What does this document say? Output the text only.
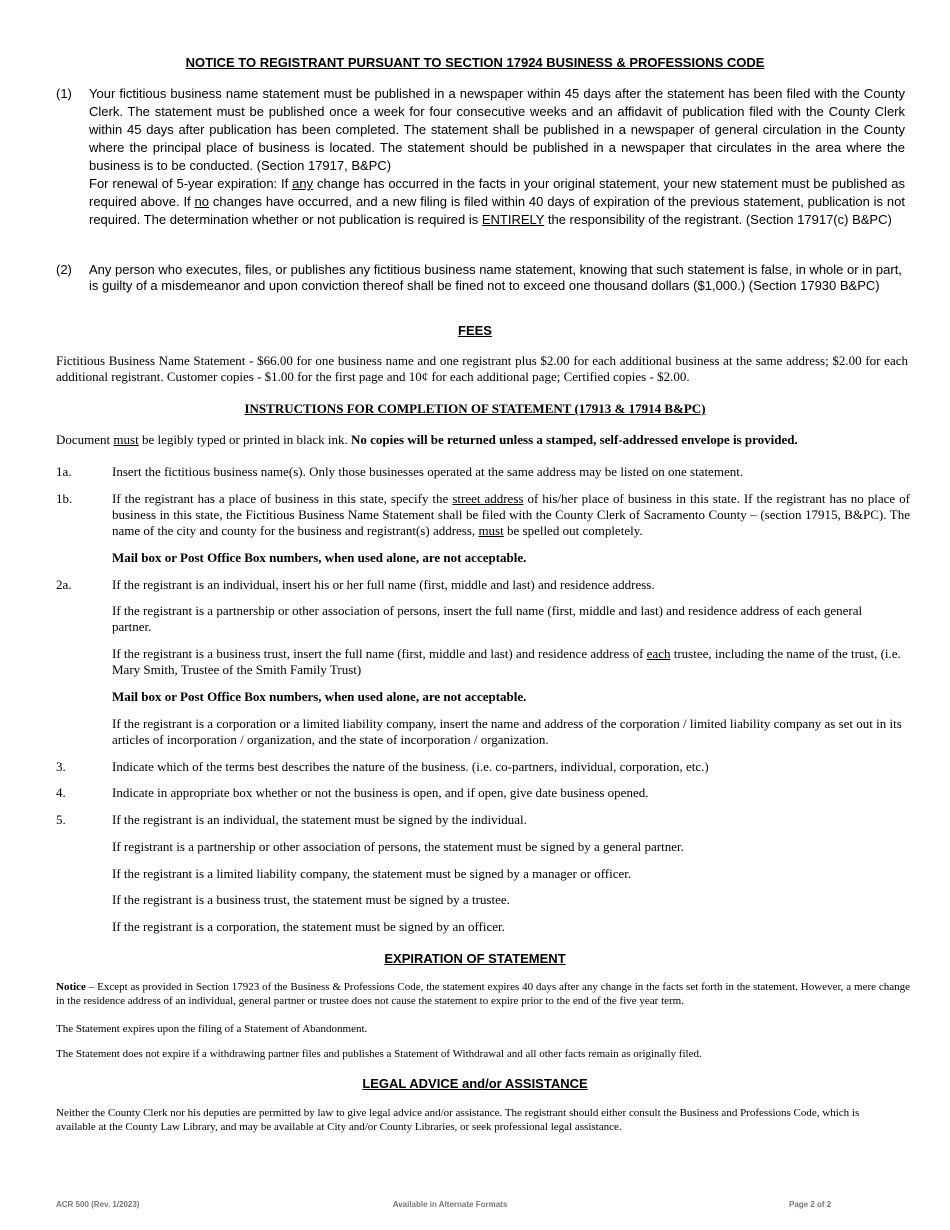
NOTICE TO REGISTRANT PURSUANT TO SECTION 17924 BUSINESS & PROFESSIONS CODE
(1) Your fictitious business name statement must be published in a newspaper within 45 days after the statement has been filed with the County Clerk. The statement must be published once a week for four consecutive weeks and an affidavit of publication filed with the County Clerk within 45 days after publication has been completed. The statement shall be published in a newspaper of general circulation in the County where the principal place of business is located. The statement should be published in a newspaper that circulates in the area where the business is to be conducted. (Section 17917, B&PC)

For renewal of 5-year expiration: If any change has occurred in the facts in your original statement, your new statement must be published as required above. If no changes have occurred, and a new filing is filed within 40 days of expiration of the previous statement, publication is not required. The determination whether or not publication is required is ENTIRELY the responsibility of the registrant. (Section 17917(c) B&PC)

(2) Any person who executes, files, or publishes any fictitious business name statement, knowing that such statement is false, in whole or in part, is guilty of a misdemeanor and upon conviction thereof shall be fined not to exceed one thousand dollars ($1,000.) (Section 17930 B&PC)

FEES

Fictitious Business Name Statement - $66.00 for one business name and one registrant plus $2.00 for each additional business at the same address; $2.00 for each additional registrant. Customer copies - $1.00 for the first page and 10¢ for each additional page; Certified copies - $2.00.

INSTRUCTIONS FOR COMPLETION OF STATEMENT (17913 & 17914 B&PC)

Document must be legibly typed or printed in black ink. No copies will be returned unless a stamped, self-addressed envelope is provided.

1a.	Insert the fictitious business name(s). Only those businesses operated at the same address may be listed on one statement.

1b.	If the registrant has a place of business in this state, specify the street address of his/her place of business in this state. If the registrant has no place of business in this state, the Fictitious Business Name Statement shall be filed with the County Clerk of Sacramento County – (section 17915, B&PC). The name of the city and county for the business and registrant(s) address, must be spelled out completely.

Mail box or Post Office Box numbers, when used alone, are not acceptable.

2a.	If the registrant is an individual, insert his or her full name (first, middle and last) and residence address.

If the registrant is a partnership or other association of persons, insert the full name (first, middle and last) and residence address of each general partner.

If the registrant is a business trust, insert the full name (first, middle and last) and residence address of each trustee, including the name of the trust, (i.e. Mary Smith, Trustee of the Smith Family Trust)

Mail box or Post Office Box numbers, when used alone, are not acceptable.

If the registrant is a corporation or a limited liability company, insert the name and address of the corporation / limited liability company as set out in its articles of incorporation / organization, and the state of incorporation / organization.

3.	Indicate which of the terms best describes the nature of the business. (i.e. co-partners, individual, corporation, etc.)

4.	Indicate in appropriate box whether or not the business is open, and if open, give date business opened.

5.	If the registrant is an individual, the statement must be signed by the individual.

If registrant is a partnership or other association of persons, the statement must be signed by a general partner.

If the registrant is a limited liability company, the statement must be signed by a manager or officer.

If the registrant is a business trust, the statement must be signed by a trustee.

If the registrant is a corporation, the statement must be signed by an officer.

EXPIRATION OF STATEMENT

Notice – Except as provided in Section 17923 of the Business & Professions Code, the statement expires 40 days after any change in the facts set forth in the statement. However, a mere change in the residence address of an individual, general partner or trustee does not cause the statement to expire prior to the end of the five year term.

The Statement expires upon the filing of a Statement of Abandonment.

The Statement does not expire if a withdrawing partner files and publishes a Statement of Withdrawal and all other facts remain as originally filed.

LEGAL ADVICE and/or ASSISTANCE

Neither the County Clerk nor his deputies are permitted by law to give legal advice and/or assistance. The registrant should either consult the Business and Professions Code, which is available at the County Law Library, and may be available at City and/or County Libraries, or seek professional legal assistance.

ACR 500 (Rev. 1/2023)	Available in Alternate Formats	Page 2 of 2
